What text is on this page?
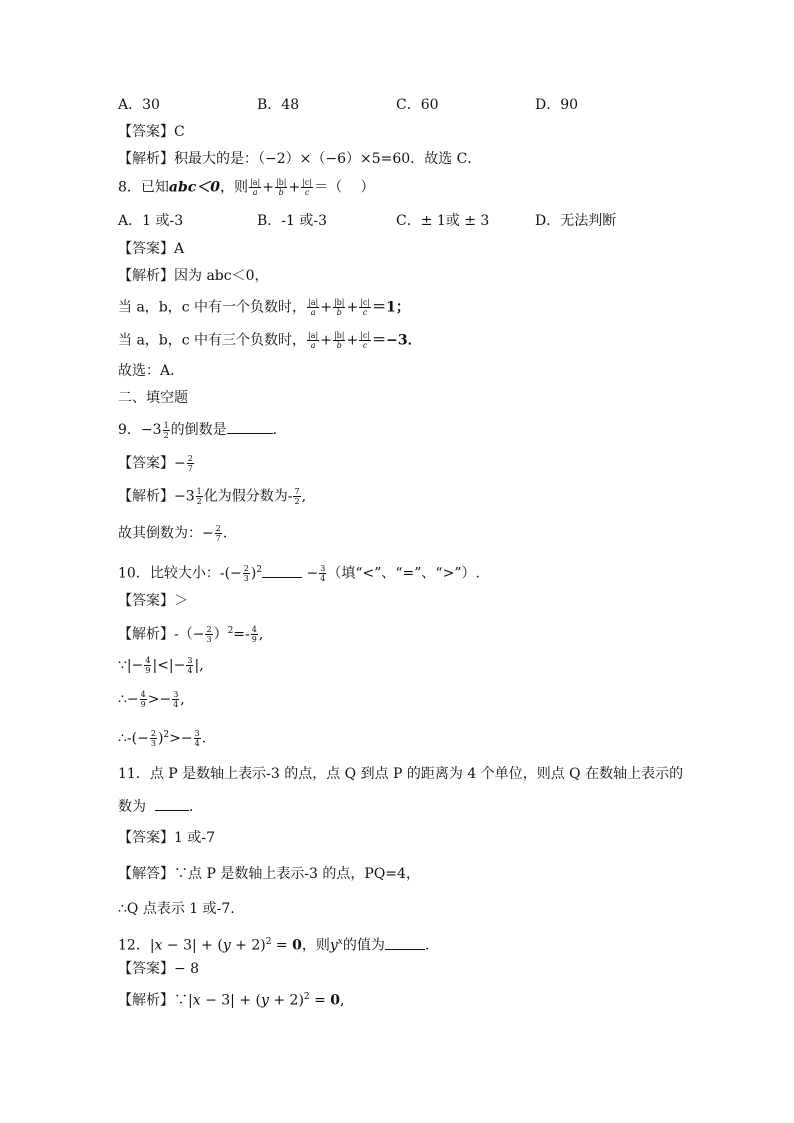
A．30	B．48	C．60	D．90
【答案】C
【解析】积最大的是：（−2）×（−6）×5=60．故选 C．
8．已知abc＜0，则 $\frac{|a|}{a} + \frac{|b|}{b} + \frac{|c|}{c}$ ＝（　 ）
A．1 或-3	B．-1 或-3	C．± 1或 ± 3	D．无法判断
【答案】A
【解析】因为 abc＜0，
当 a，b，c 中有一个负数时， $\frac{|a|}{a} + \frac{|b|}{b} + \frac{|c|}{c} =1$；
当 a，b，c 中有三个负数时， $\frac{|a|}{a} + \frac{|b|}{b} + \frac{|c|}{c} =-3$．
故选：A．
二、填空题
9．$-3 \frac{1}{2}$ 的倒数是	．
【答案】− $\frac{2}{7}$
【解析】$-3 \frac{1}{2}$ 化为假分数为- $\frac{7}{2}$ ,
故其倒数为：− $\frac{2}{7}$ .
10．比较大小：-(− $\frac{2}{3} )^2$	− $\frac{3}{4}$ （填“<”、“=”、“>”）.
【答案】＞
【解析】-（− $\frac{2}{3} )^2=- \frac{4}{9}$ ,
∵|− $\frac{4}{9}$ |<|− $\frac{3}{4}$ |,
∴− $\frac{4}{9} >- \frac{3}{4}$ ,
∴-(− $\frac{2}{3} )^2>- \frac{3}{4}$ .
11．点 P 是数轴上表示-3 的点，点 Q 到点 P 的距离为 4 个单位，则点 Q 在数轴上表示的
数为	.
【答案】1 或-7
【解答】∵点 P 是数轴上表示-3 的点，PQ=4，
∴Q 点表示 1 或-7.
12．$|x - 3| + (y + 2)^2 = 0$，则$y^x$的值为	.
【答案】− 8
【解析】∵|x − $3| + (y + 2)^2 = 0$,
